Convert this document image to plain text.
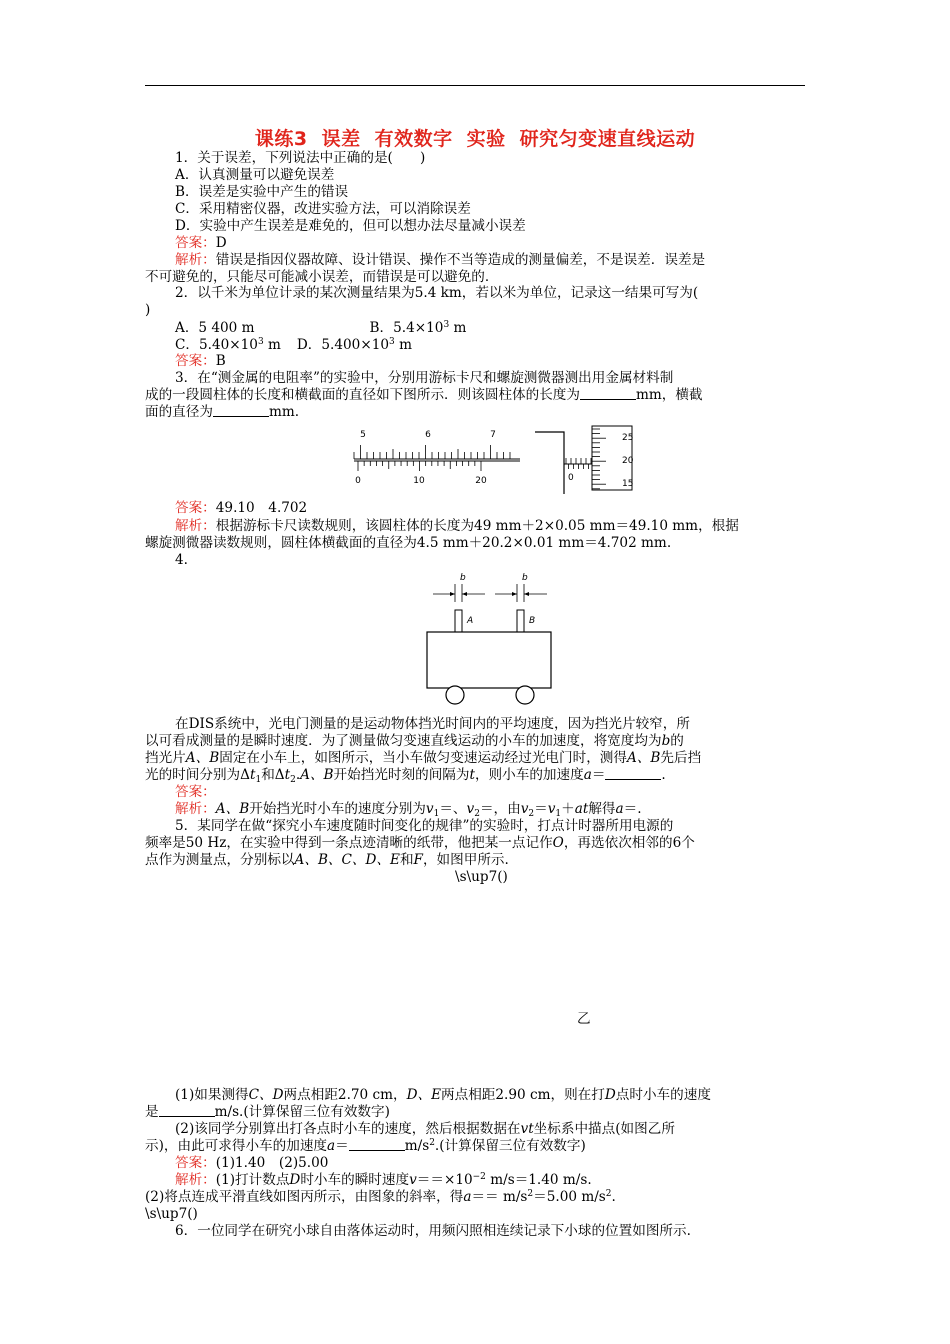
课练3 误差 有效数字 实验 研究匀变速直线运动
1．关于误差，下列说法中正确的是(　　)
A．认真测量可以避免误差
B．误差是实验中产生的错误
C．采用精密仪器，改进实验方法，可以消除误差
D．实验中产生误差是难免的，但可以想办法尽量减小误差
答案：D
解析：错误是指因仪器故障、设计错误、操作不当等造成的测量偏差，不是误差．误差是
不可避免的，只能尽可能减小误差，而错误是可以避免的．
2．以千米为单位计录的某次测量结果为5.4 km，若以米为单位，记录这一结果可写为(
)
A．5 400 m	B．$5.4\times 10^3$ m
C．$5.40\times 10^3$ m D．$5.400\times 10^3$ m
答案：B
3．在“测金属的电阻率”的实验中，分别用游标卡尺和螺旋测微器测出用金属材料制
成的一段圆柱体的长度和横截面的直径如下图所示．则该圆柱体的长度为	mm，横截
面的直径为	mm.
5	6	7
0	10	20	0
25
20
15
答案：49.10　4.702
解析：根据游标卡尺读数规则，该圆柱体的长度为49 mm＋2×0.05 mm＝49.10 mm，根据
螺旋测微器读数规则，圆柱体横截面的直径为4.5 mm＋20.2×0.01 mm＝4.702 mm.
4.
b	b
A	B
在DIS系统中，光电门测量的是运动物体挡光时间内的平均速度，因为挡光片较窄，所
以可看成测量的是瞬时速度．为了测量做匀变速直线运动的小车的加速度，将宽度均为b的
挡光片A、B固定在小车上，如图所示，当小车做匀变速运动经过光电门时，测得A、B先后挡
光的时间分别为$\Delta t_1$和$\Delta t_2.A$、B开始挡光时刻的间隔为t，则小车的加速度a＝	.
答案：
解析：A、B开始挡光时小车的速度分别为$v_1=$、$v_2=$，由$v_2=v_1+at$解得a＝.
5．某同学在做“探究小车速度随时间变化的规律”的实验时，打点计时器所用电源的
频率是50 Hz，在实验中得到一条点迹清晰的纸带，他把某一点记作O，再选依次相邻的6个
点作为测量点，分别标以A、B、C、D、E和F，如图甲所示.
\s\up7()
乙
(1)如果测得C、D两点相距2.70 cm，D、E两点相距2.90 cm，则在打D点时小车的速度
是	m/s.(计算保留三位有效数字)
(2)该同学分别算出打各点时小车的速度，然后根据数据在vt坐标系中描点(如图乙所
示)，由此可求得小车的加速度a＝	$m/s^2$.(计算保留三位有效数字)
答案：(1)1.40　(2)5.00
解析：(1)打计数点D时小车的瞬时速度$v==\times 10^{-2}$ m/s＝1.40 m/s.
(2)将点连成平滑直线如图丙所示，由图象的斜率，得$a== m/s^2=5.00$ $m/s^2$.
\s\up7()
6．一位同学在研究小球自由落体运动时，用频闪照相连续记录下小球的位置如图所示.
